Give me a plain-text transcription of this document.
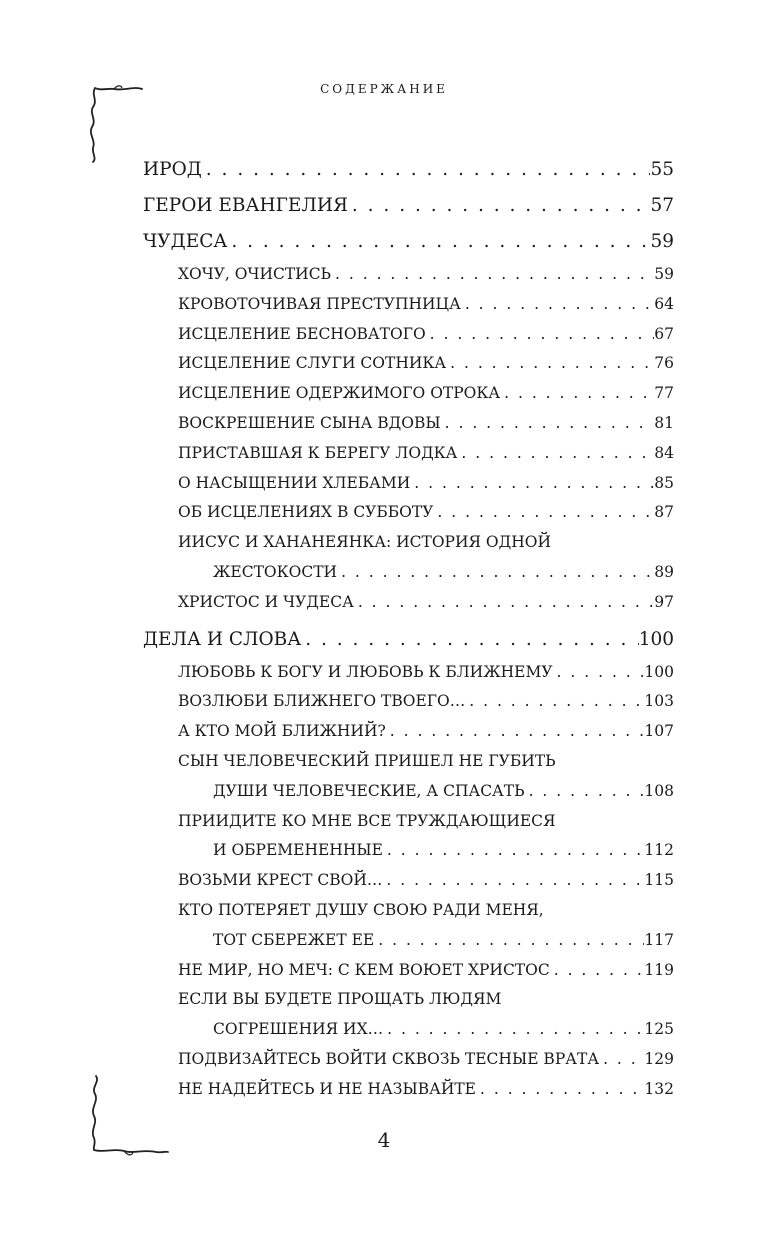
СОДЕРЖАНИЕ
ИРОД . . .	55
ГЕРОИ ЕВАНГЕЛИЯ . . .	57
ЧУДЕСА . . .	59
ХОЧУ, ОЧИСТИСЬ . . .	59
КРОВОТОЧИВАЯ ПРЕСТУПНИЦА . . .	64
ИСЦЕЛЕНИЕ БЕСНОВАТОГО . . .	67
ИСЦЕЛЕНИЕ СЛУГИ СОТНИКА . . .	76
ИСЦЕЛЕНИЕ ОДЕРЖИМОГО ОТРОКА . . .	77
ВОСКРЕШЕНИЕ СЫНА ВДОВЫ . . .	81
ПРИСТАВШАЯ К БЕРЕГУ ЛОДКА . . .	84
О НАСЫЩЕНИИ ХЛЕБАМИ . . .	85
ОБ ИСЦЕЛЕНИЯХ В СУББОТУ . . .	87
ИИСУС И ХАНАНЕЯНКА: ИСТОРИЯ ОДНОЙ
ЖЕСТОКОСТИ . . .	89
ХРИСТОС И ЧУДЕСА . . .	97
ДЕЛА И СЛОВА . . .	100
ЛЮБОВЬ К БОГУ И ЛЮБОВЬ К БЛИЖНЕМУ . . .	100
ВОЗЛЮБИ БЛИЖНЕГО ТВОЕГО… . . .	103
А КТО МОЙ БЛИЖНИЙ? . . .	107
СЫН ЧЕЛОВЕЧЕСКИЙ ПРИШЕЛ НЕ ГУБИТЬ
ДУШИ ЧЕЛОВЕЧЕСКИЕ, А СПАСАТЬ . . .	108
ПРИИДИТЕ КО МНЕ ВСЕ ТРУЖДАЮЩИЕСЯ
И ОБРЕМЕНЕННЫЕ . . .	112
ВОЗЬМИ КРЕСТ СВОЙ… . . .	115
КТО ПОТЕРЯЕТ ДУШУ СВОЮ РАДИ МЕНЯ,
ТОТ СБЕРЕЖЕТ ЕЕ . . .	117
НЕ МИР, НО МЕЧ: С КЕМ ВОЮЕТ ХРИСТОС . . .	119
ЕСЛИ ВЫ БУДЕТЕ ПРОЩАТЬ ЛЮДЯМ
СОГРЕШЕНИЯ ИХ… . . .	125
ПОДВИЗАЙТЕСЬ ВОЙТИ СКВОЗЬ ТЕСНЫЕ ВРАТА . . .	129
НЕ НАДЕЙТЕСЬ И НЕ НАЗЫВАЙТЕ . . .	132
4
